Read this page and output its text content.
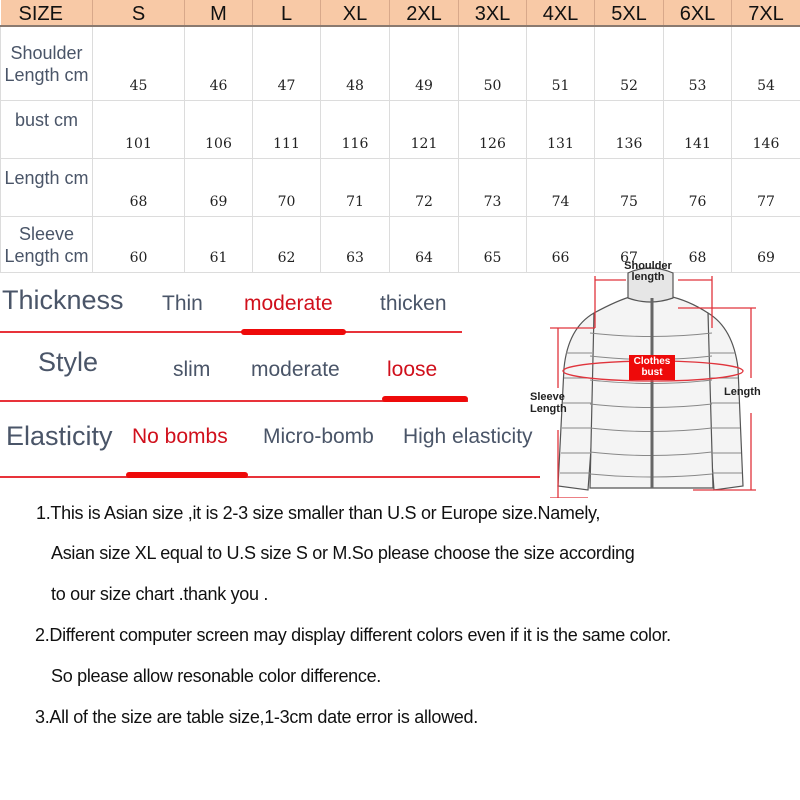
SIZE	S	M	L	XL	2XL	3XL	4XL	5XL	6XL	7XL

Shoulder
Length cm	45	46	47	48	49	50	51	52	53	54

bust cm	101	106	111	116	121	126	131	136	141	146

Length cm	68	69	70	71	72	73	74	75	76	77

Sleeve
Length cm	60	61	62	63	64	65	66	67	68	69
Thickness Thin moderate thicken
Style	slim moderate loose
Elasticity No bombs Micro-bomb High elasticity
Shoulder
length
Clothes
bust
Sleeve
Length
Length
1.This is Asian size ,it is 2-3 size smaller than U.S or Europe size.Namely,
Asian size XL equal to U.S size S or M.So please choose the size according
to our size chart .thank you .
2.Different computer screen may display different colors even if it is the same color.
So please allow resonable color difference.
3.All of the size are table size,1-3cm date error is allowed.
